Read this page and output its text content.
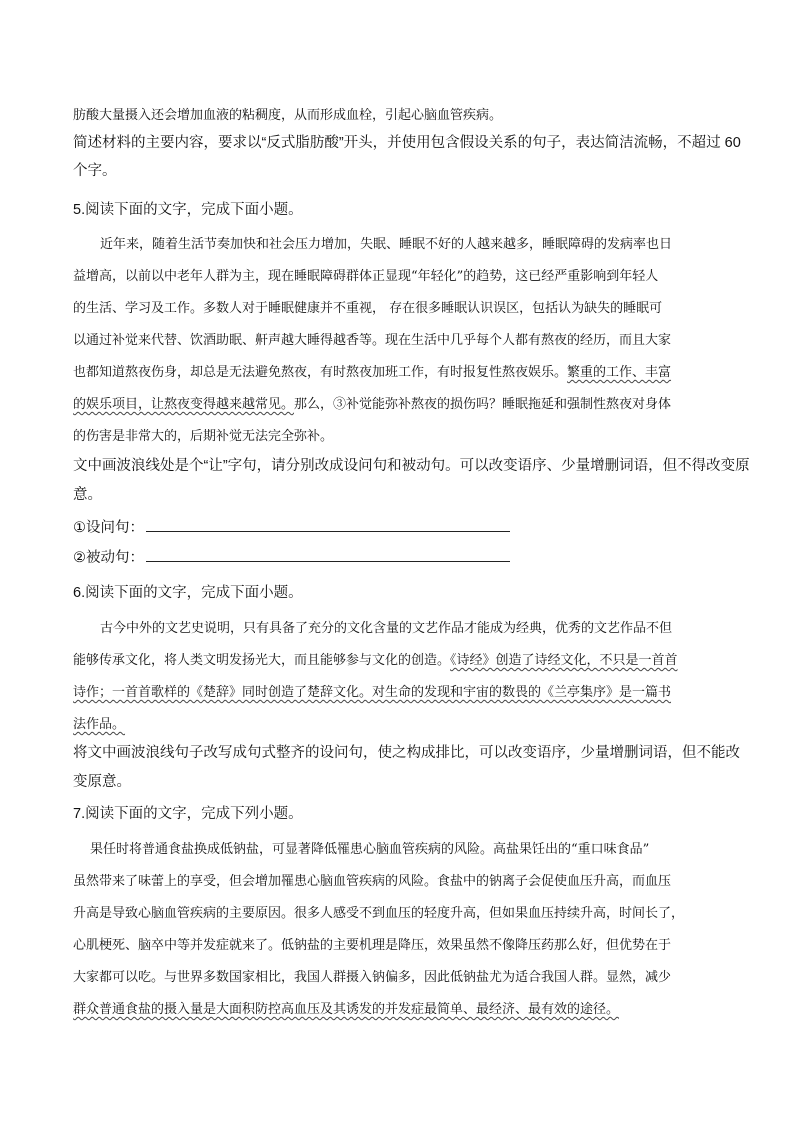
肪酸大量摄入还会增加血液的粘稠度，从而形成血栓，引起心脑血管疾病。
简述材料的主要内容，要求以“反式脂肪酸”开头，并使用包含假设关系的句子，表达简洁流畅，不超过 60
个字。
5.阅读下面的文字，完成下面小题。
近年来，随着生活节奏加快和社会压力增加，失眠、睡眠不好的人越来越多，睡眠障碍的发病率也日
益增高，以前以中老年人群为主，现在睡眠障碍群体正显现“年轻化”的趋势，这已经严重影响到年轻人
的生活、学习及工作。多数人对于睡眠健康并不重视， 存在很多睡眠认识误区，包括认为缺失的睡眠可
以通过补觉来代替、饮酒助眠、鼾声越大睡得越香等。现在生活中几乎每个人都有熬夜的经历，而且大家
也都知道熬夜伤身，却总是无法避免熬夜，有时熬夜加班工作，有时报复性熬夜娱乐。繁重的工作、丰富
的娱乐项目，让熬夜变得越来越常见。那么，③补觉能弥补熬夜的损伤吗？睡眠拖延和强制性熬夜对身体
的伤害是非常大的，后期补觉无法完全弥补。
文中画波浪线处是个“让”字句，请分别改成设问句和被动句。可以改变语序、少量增删词语，但不得改变原
意。
①设问句：
②被动句：
6.阅读下面的文字，完成下面小题。
古今中外的文艺史说明，只有具备了充分的文化含量的文艺作品才能成为经典，优秀的文艺作品不但
能够传承文化，将人类文明发扬光大，而且能够参与文化的创造。《诗经》创造了诗经文化，不只是一首首
诗作；一首首歌样的《楚辞》同时创造了楚辞文化。对生命的发现和宇宙的数畏的《兰亭集序》是一篇书
法作品。
将文中画波浪线句子改写成句式整齐的设问句，使之构成排比，可以改变语序，少量增删词语，但不能改
变原意。
7.阅读下面的文字，完成下列小题。
果任时将普通食盐换成低钠盐，可显著降低罹患心脑血管疾病的风险。高盐果饪出的“重口味食品”
虽然带来了味蕾上的享受，但会增加罹患心脑血管疾病的风险。食盐中的钠离子会促使血压升高，而血压
升高是导致心脑血管疾病的主要原因。很多人感受不到血压的轻度升高，但如果血压持续升高，时间长了，
心肌梗死、脑卒中等并发症就来了。低钠盐的主要机理是降压，效果虽然不像降压药那么好，但优势在于
大家都可以吃。与世界多数国家相比，我国人群摄入钠偏多，因此低钠盐尤为适合我国人群。显然，减少
群众普通食盐的摄入量是大面积防控高血压及其诱发的并发症最简单、最经济、最有效的途径。
